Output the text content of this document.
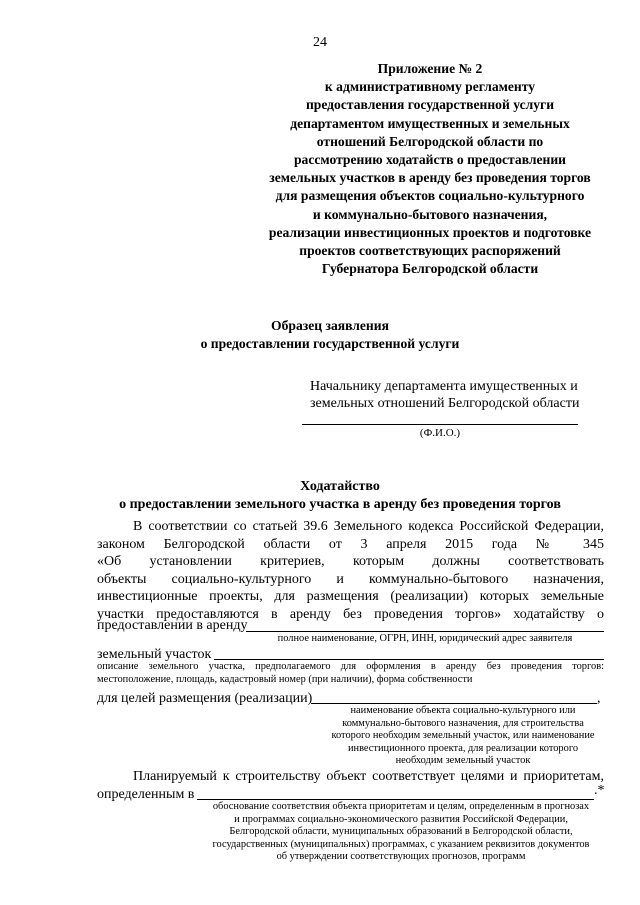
24
Приложение № 2
к административному регламенту
предоставления государственной услуги
департаментом имущественных и земельных
отношений Белгородской области по
рассмотрению ходатайств о предоставлении
земельных участков в аренду без проведения торгов
для размещения объектов социально-культурного
и коммунально-бытового назначения,
реализации инвестиционных проектов и подготовке
проектов соответствующих распоряжений
Губернатора Белгородской области
Образец заявления
о предоставлении государственной услуги
Начальнику департамента имущественных и
земельных отношений Белгородской области
(Ф.И.О.)
Ходатайство
о предоставлении земельного участка в аренду без проведения торгов
В соответствии со статьей 39.6 Земельного кодекса Российской Федерации,
законом Белгородской области от 3 апреля 2015 года № 345
«Об установлении критериев, которым должны соответствовать
объекты социально-культурного и коммунально-бытового назначения,
инвестиционные проекты, для размещения (реализации) которых земельные
участки предоставляются в аренду без проведения торгов» ходатайству о
предоставлении в аренду
полное наименование, ОГРН, ИНН, юридический адрес заявителя
земельный участок
описание земельного участка, предполагаемого для оформления в аренду без проведения торгов:
местоположение, площадь, кадастровый номер (при наличии), форма собственности
для целей размещения (реализации)	,
наименование объекта социально-культурного или
коммунально-бытового назначения, для строительства
которого необходим земельный участок, или наименование
инвестиционного проекта, для реализации которого
необходим земельный участок
Планируемый к строительству объект соответствует целями и приоритетам,
определенным в	.*
обоснование соответствия объекта приоритетам и целям, определенным в прогнозах
и программах социально-экономического развития Российской Федерации,
Белгородской области, муниципальных образований в Белгородской области,
государственных (муниципальных) программах, с указанием реквизитов документов
об утверждении соответствующих прогнозов, программ
